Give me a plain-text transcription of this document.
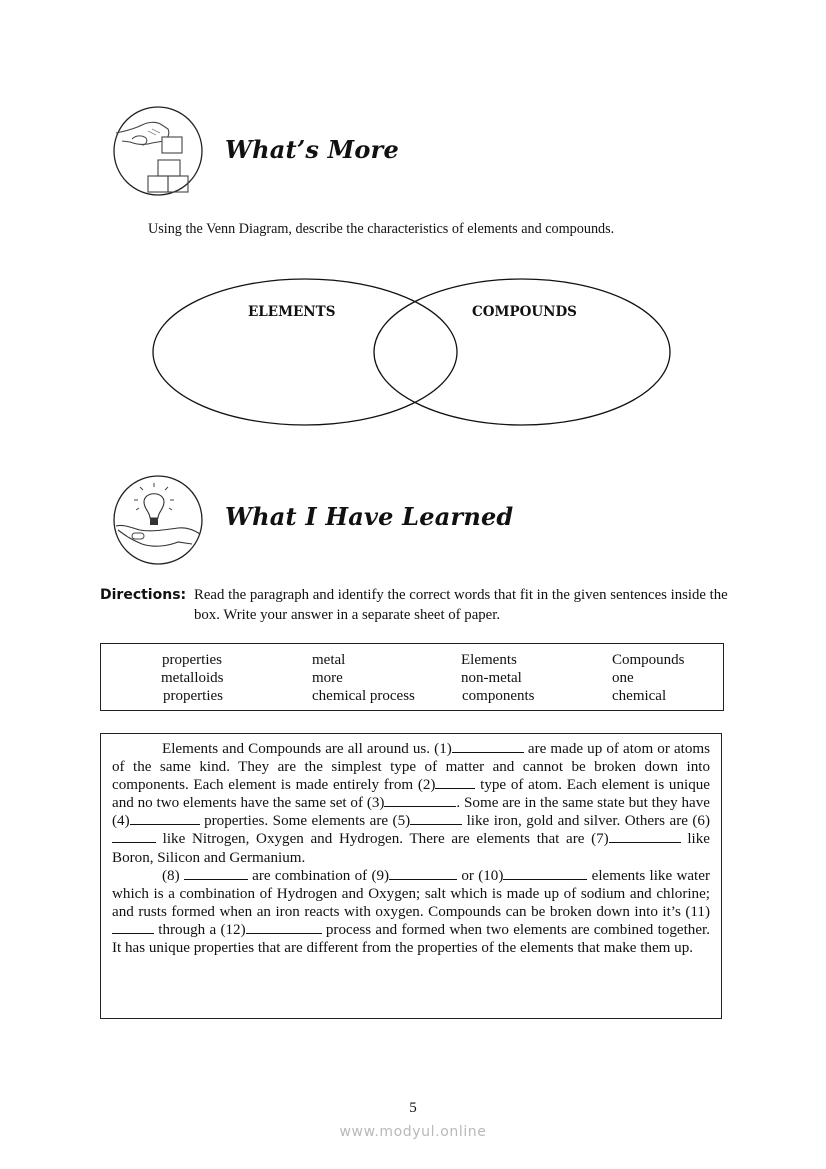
What’s More
Using the Venn Diagram, describe the characteristics of elements and compounds.
ELEMENTS	COMPOUNDS
What I Have Learned
Directions: Read the paragraph and identify the correct words that fit in the given sentences inside the box. Write your answer in a separate sheet of paper.
properties	metal	Elements	Compounds
metalloids	more	non-metal	one
properties	chemical process	components	chemical

Elements and Compounds are all around us. (1)	are made up of atom or atoms of the same kind. They are the simplest type of matter and cannot be broken down into components. Each element is made entirely from (2)	type of atom. Each element is unique and no two elements have the same set of (3)	. Some are in the same state but they have (4)	properties. Some elements are (5)	like iron, gold and silver. Others are (6) like Nitrogen, Oxygen and Hydrogen. There are elements that are (7)	like Boron, Silicon and Germanium.

(8)	are combination of (9)	or (10)	elements like water which is a combination of Hydrogen and Oxygen; salt which is made up of sodium and chlorine; and rusts formed when an iron reacts with oxygen. Compounds can be broken down into it’s (11) through a (12)	process and formed when two elements are combined together. It has unique properties that are different from the properties of the elements that make them up.

5
www.modyul.online
